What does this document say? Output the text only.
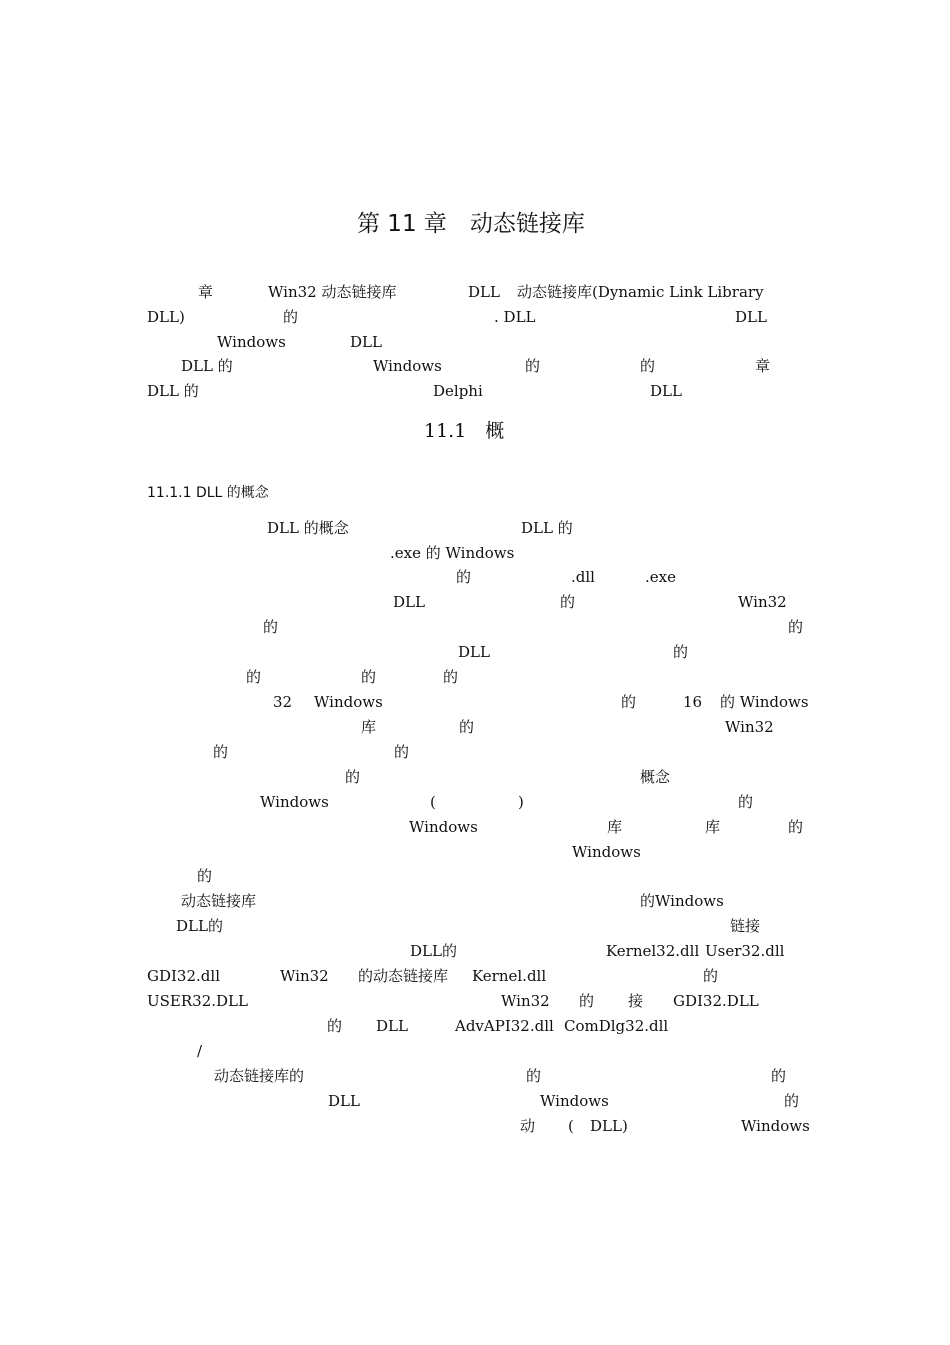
第 11 章　动态链接库
章	Win32 动态链接库	DLL 动态链接库(Dynamic Link Library
DLL)	的	. DLL	DLL
Windows	DLL
DLL 的	Windows	的	的	章
DLL 的	Delphi	DLL
11.1　概
11.1.1 DLL 的概念
DLL 的概念	DLL 的
.exe 的 Windows
的	.dll	.exe
DLL	的	Win32
的	的
DLL	的
的	的	的
32 Windows	的	16 的 Windows
库	的	Win32
的	的
的	概念
Windows	(	)	的
Windows	库	库	的
Windows
的
动态链接库	的Windows
DLL的	链接
DLL的	Kernel32.dll User32.dll
GDI32.dll	Win32 的动态链接库 Kernel.dll	的
USER32.DLL	Win32 的 接 GDI32.DLL
的 DLL	AdvAPI32.dll ComDlg32.dll
/
动态链接库的	的	的
DLL	Windows	的
动 ( DLL)	Windows
